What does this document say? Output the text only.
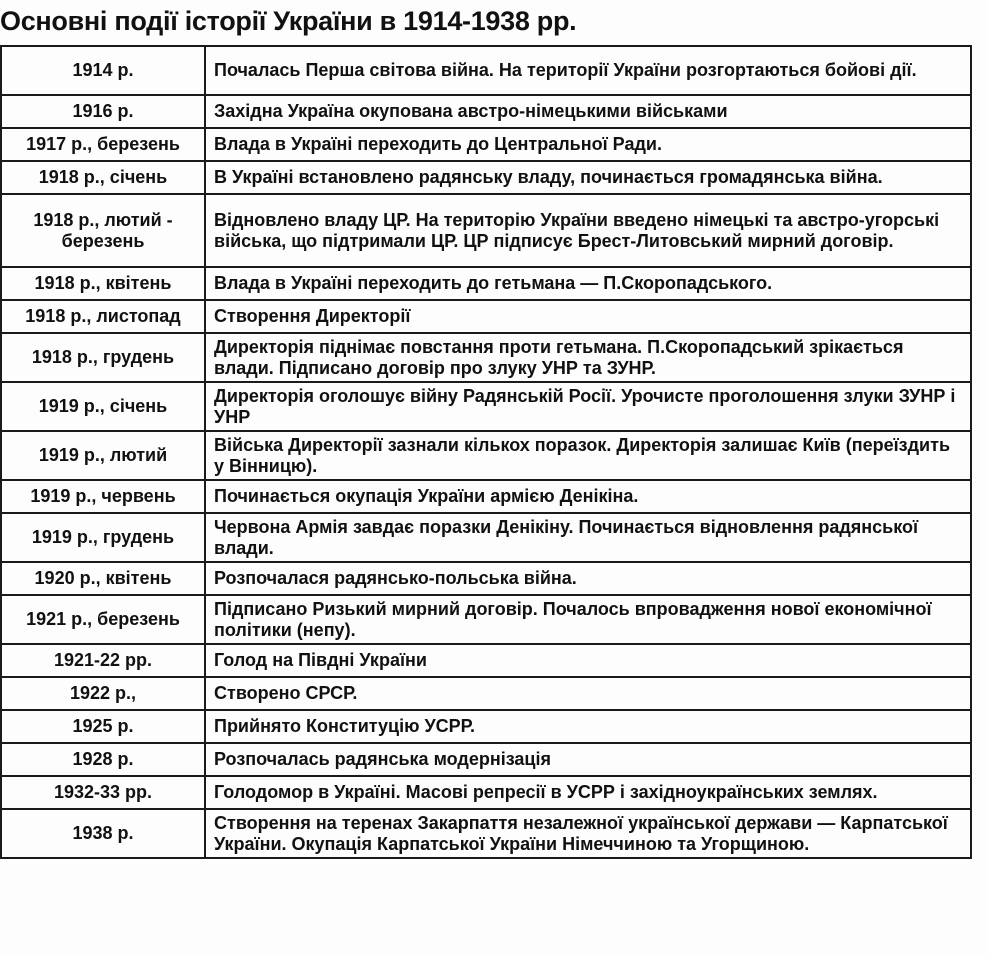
Основні події історії України в 1914-1938 рр.
1914 р.	Почалась Перша світова війна. На території України розгортаються бойові дії.
1916 р.	Західна Україна окупована австро-німецькими військами
1917 р., березень	Влада в Україні переходить до Центральної Ради.
1918 р., січень	В Україні встановлено радянську владу, починається громадянська війна.
1918 р., лютий - березень	Відновлено владу ЦР. На територію України введено німецькі та австро-угорські війська, що підтримали ЦР. ЦР підписує Брест-Литовський мирний договір.
1918 р., квітень	Влада в Україні переходить до гетьмана — П.Скоропадського.
1918 р., листопад	Створення Директорії
1918 р., грудень	Директорія піднімає повстання проти гетьмана. П.Скоропадський зрікається влади. Підписано договір про злуку УНР та ЗУНР.
1919 р., січень	Директорія оголошує війну Радянській Росії. Урочисте проголошення злуки ЗУНР і УНР
1919 р., лютий	Війська Директорії зазнали кількох поразок. Директорія залишає Київ (переїздить у Вінницю).
1919 р., червень	Починається окупація України армією Денікіна.
1919 р., грудень	Червона Армія завдає поразки Денікіну. Починається відновлення радянської влади.
1920 р., квітень	Розпочалася радянсько-польська війна.
1921 р., березень	Підписано Ризький мирний договір. Почалось впровадження нової економічної політики (непу).
1921-22 рр.	Голод на Півдні України
1922 р.,	Створено СРСР.
1925 р.	Прийнято Конституцію УСРР.
1928 р.	Розпочалась радянська модернізація
1932-33 рр.	Голодомор в Україні. Масові репресії в УСРР і західноукраїнських землях.
1938 р.	Створення на теренах Закарпаття незалежної української держави — Карпатської України. Окупація Карпатської України Німеччиною та Угорщиною.
